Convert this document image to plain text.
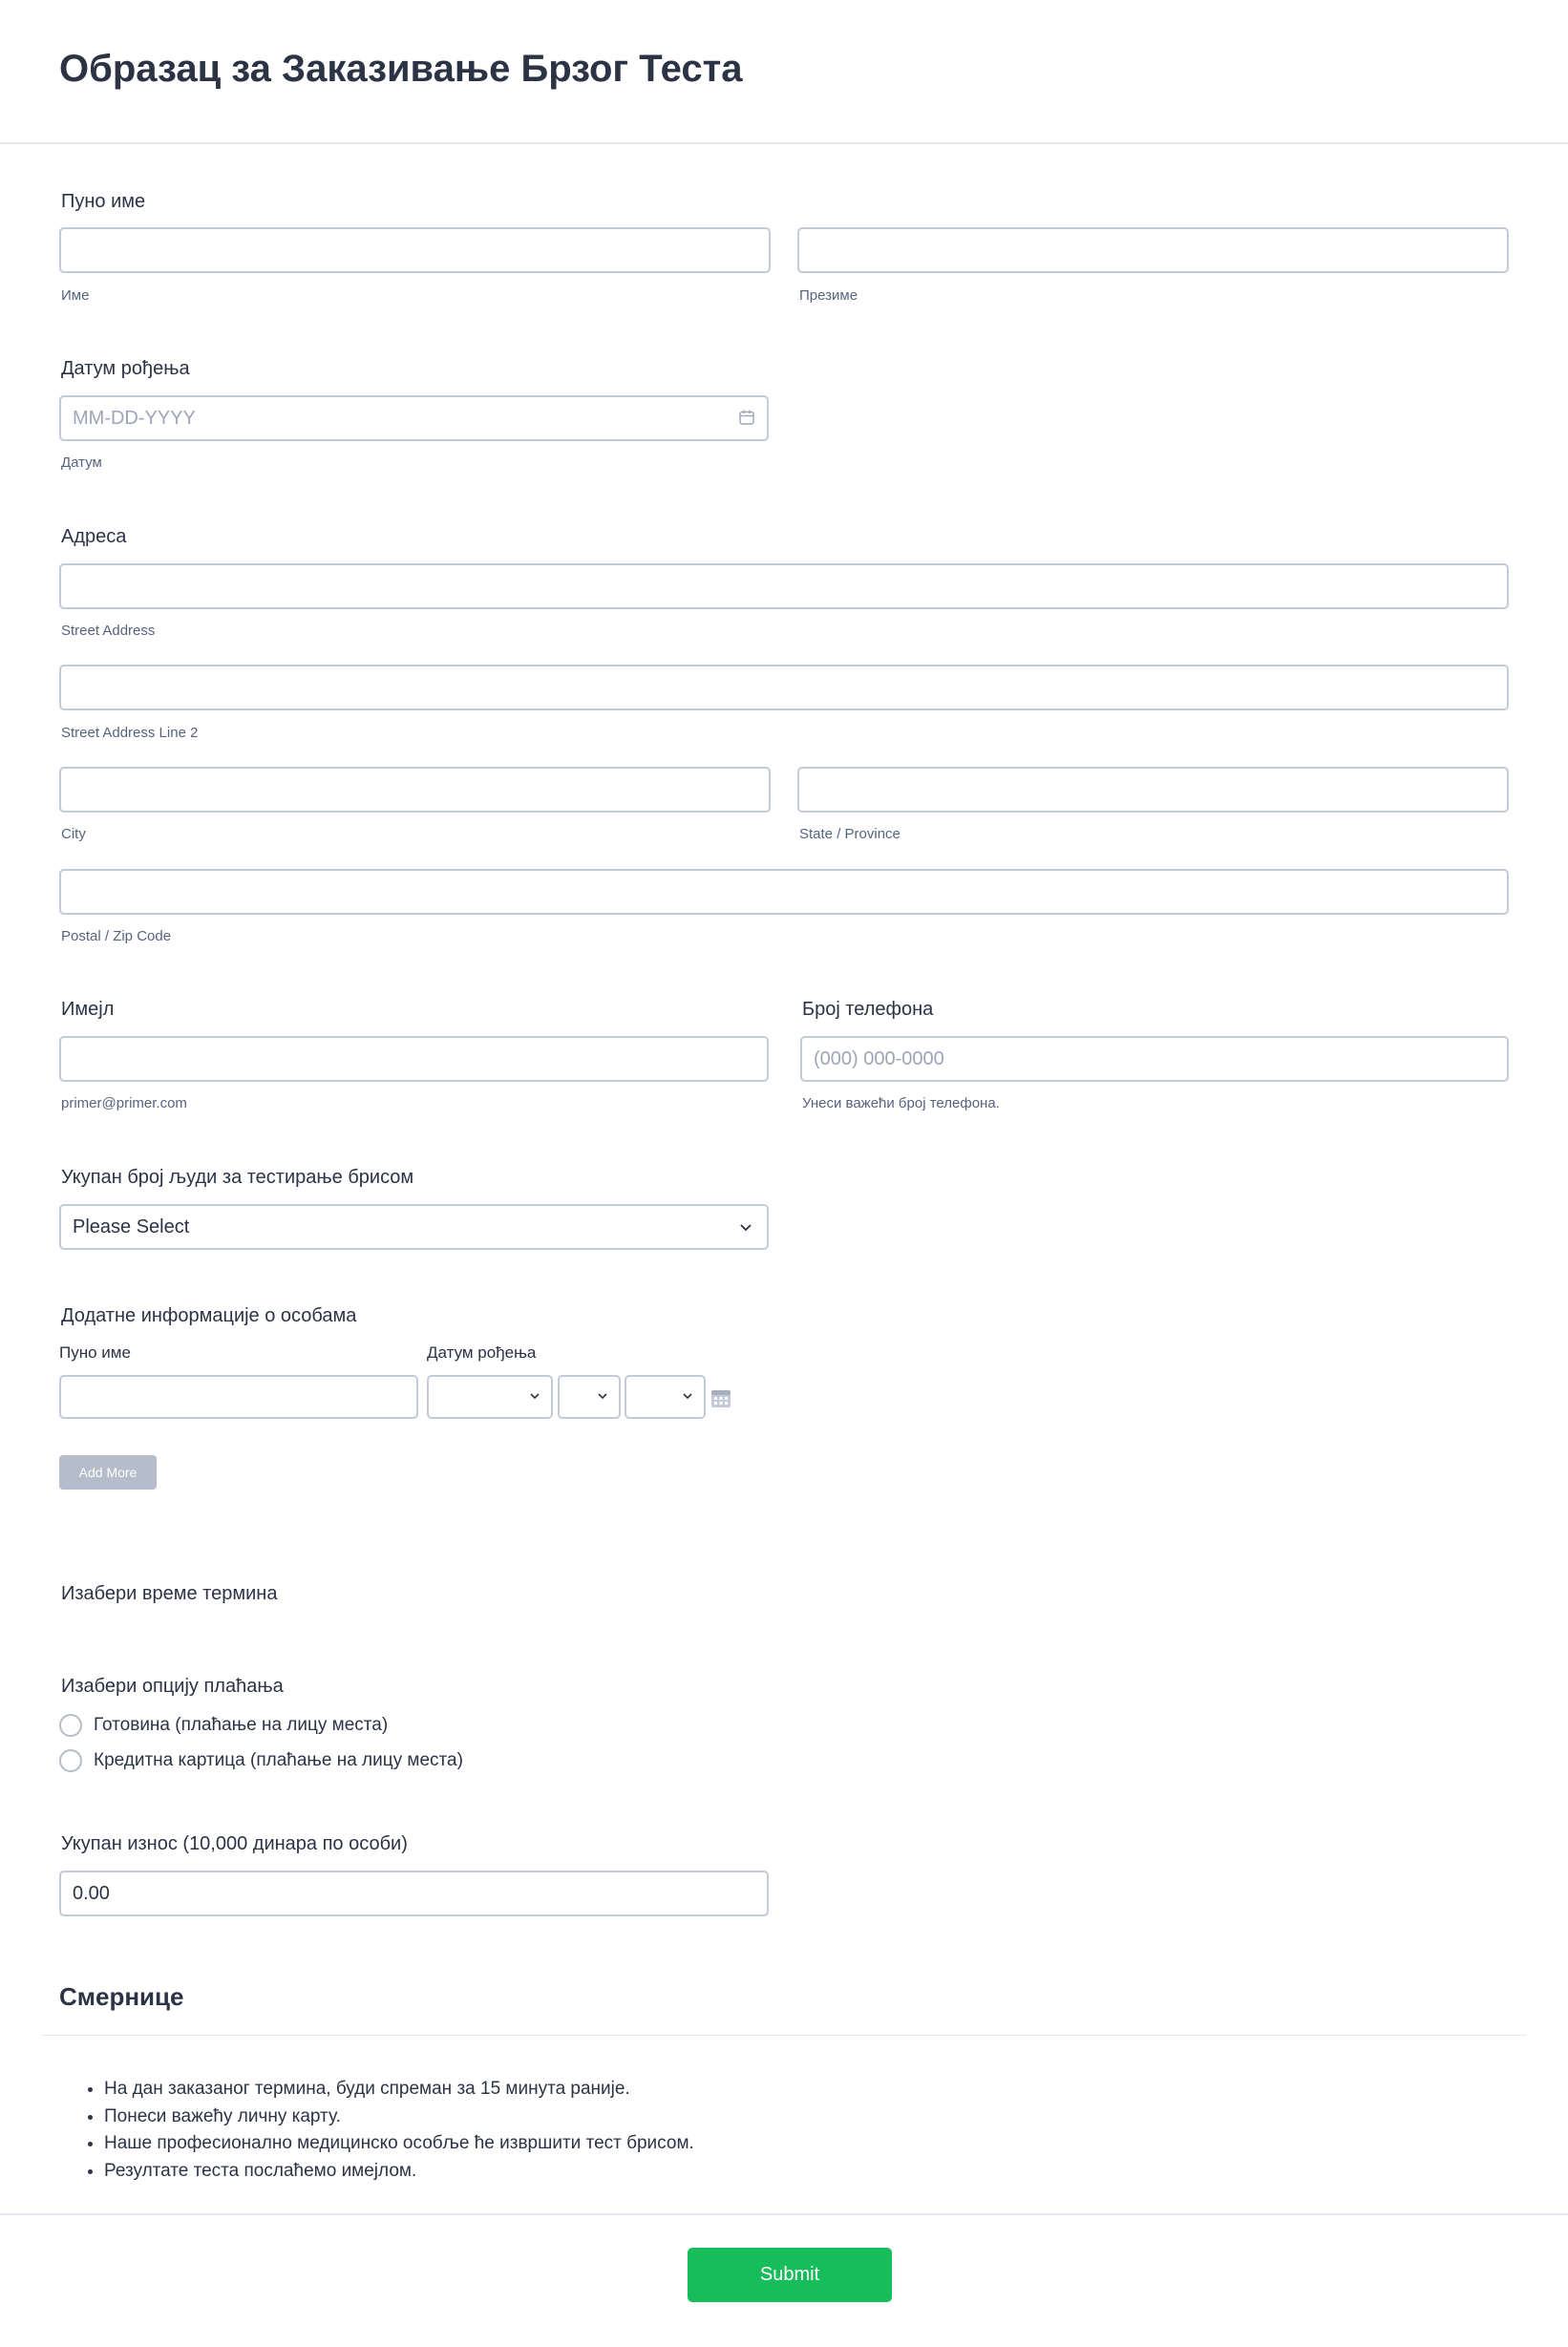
Образац за Заказивање Брзог Теста
Пуно име
Име	Презиме
Датум рођења
MM-DD-YYYY
Датум
Адреса
Street Address
Street Address Line 2
City	State / Province
Postal / Zip Code
Имејл
primer@primer.com
Број телефона
(000) 000-0000
Унеси важећи број телефона.
Укупан број људи за тестирање брисом
Please Select
Додатне информације о особама
Пуно име	Датум рођења
Add More
Изабери време термина
Изабери опцију плаћања
Готовина (плаћање на лицу места)
Кредитна картица (плаћање на лицу места)
Укупан износ (10,000 динара по особи)
0.00
Смернице
• На дан заказаног термина, буди спреман за 15 минута раније.
• Понеси важећу личну карту.
• Наше професионално медицинско особље ће извршити тест брисом.
• Резултате теста послаћемо имејлом.
Submit
